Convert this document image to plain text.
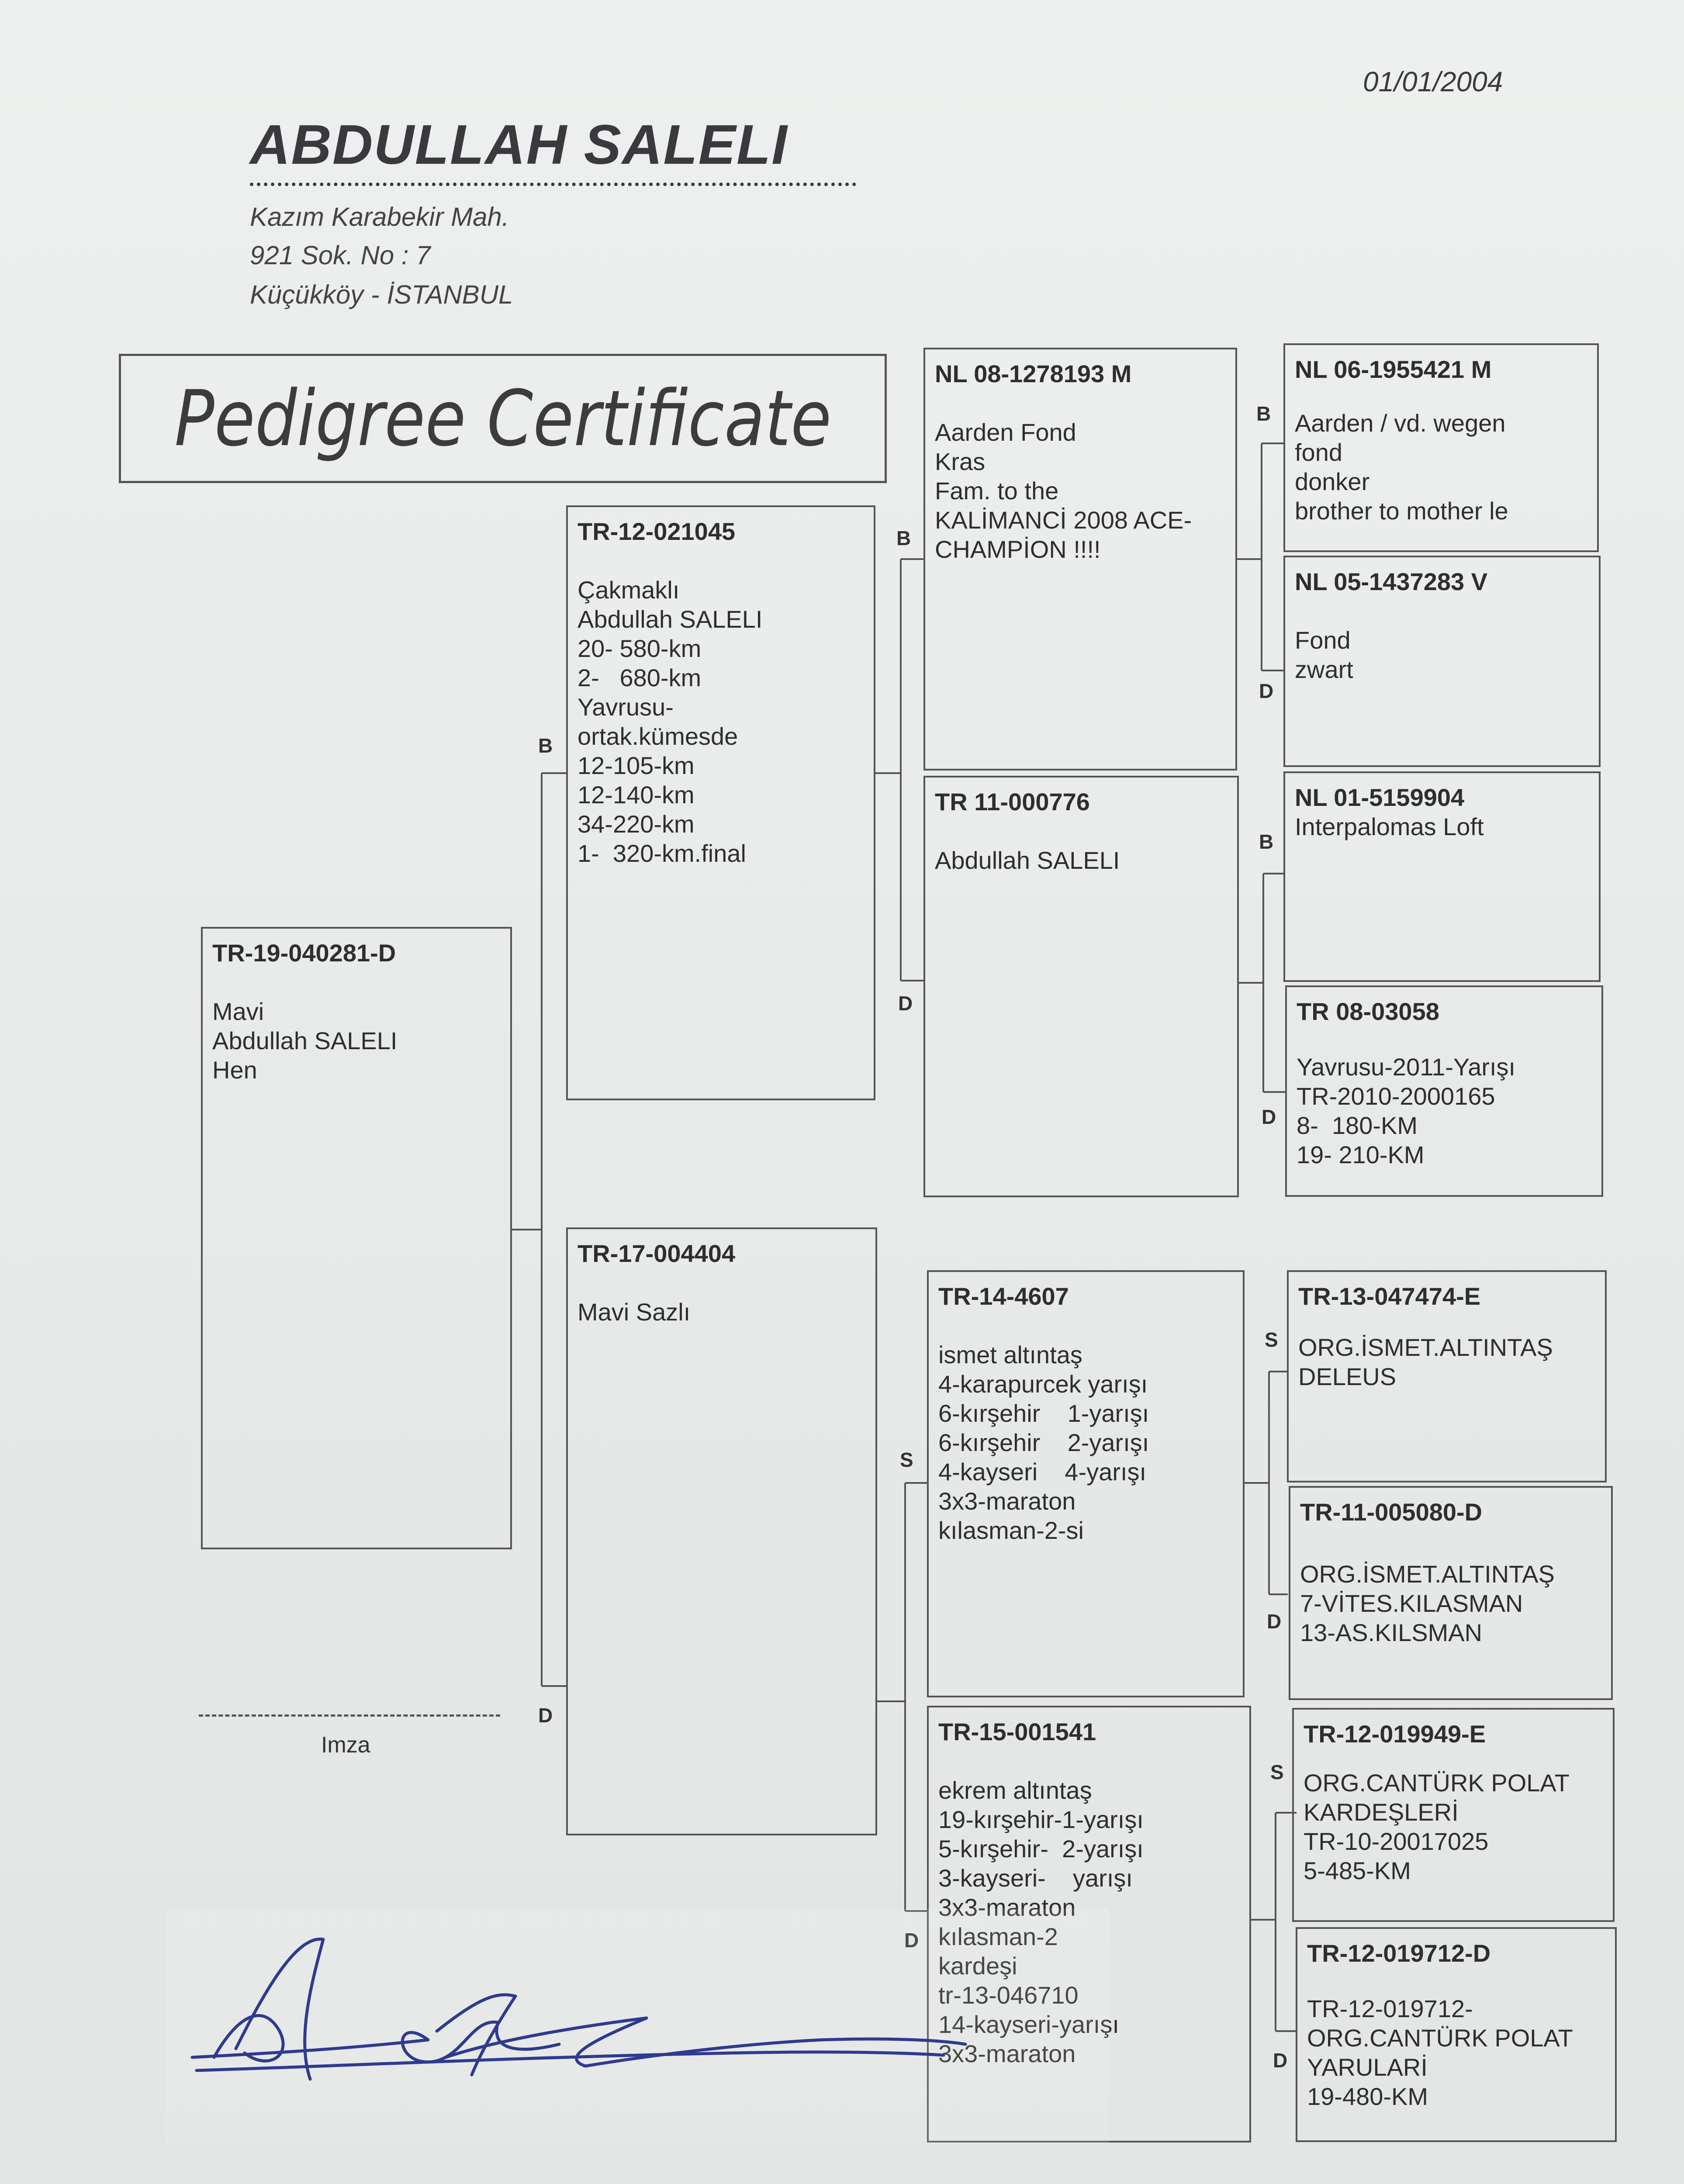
01/01/2004
ABDULLAH SALELI
Kazım Karabekir Mah.
921 Sok. No : 7
Küçükköy - İSTANBUL
Pedigree Certificate
TR-19-040281-D
Mavi
Abdullah SALELI
Hen
B
TR-12-021045
Çakmaklı
Abdullah SALELI
20- 580-km
2-   680-km
Yavrusu-
ortak.kümesde
12-105-km
12-140-km
34-220-km
1-  320-km.final
D
TR-17-004404
Mavi Sazlı
B
NL 08-1278193 M
Aarden Fond
Kras
Fam. to the
KALİMANCİ 2008 ACE-
CHAMPİON !!!!
D
TR 11-000776
Abdullah SALELI
S
TR-14-4607
ismet altıntaş
4-karapurcek yarışı
6-kırşehir    1-yarışı
6-kırşehir    2-yarışı
4-kayseri    4-yarışı
3x3-maraton
kılasman-2-si
D
TR-15-001541
ekrem altıntaş
19-kırşehir-1-yarışı
5-kırşehir-  2-yarışı
3-kayseri-    yarışı
3x3-maraton
kılasman-2
kardeşi
tr-13-046710
14-kayseri-yarışı
3x3-maraton
B
NL 06-1955421 M
Aarden / vd. wegen
fond
donker
brother to mother le
D
NL 05-1437283 V
Fond
zwart
B
NL 01-5159904
Interpalomas Loft
D
TR 08-03058
Yavrusu-2011-Yarışı
TR-2010-2000165
8-  180-KM
19- 210-KM
S
TR-13-047474-E
ORG.İSMET.ALTINTAŞ
DELEUS
D
TR-11-005080-D
ORG.İSMET.ALTINTAŞ
7-VİTES.KILASMAN
13-AS.KILSMAN
S
TR-12-019949-E
ORG.CANTÜRK POLAT
KARDEŞLERİ
TR-10-20017025
5-485-KM
D
TR-12-019712-D
TR-12-019712-
ORG.CANTÜRK POLAT
YARULARİ
19-480-KM
Imza
